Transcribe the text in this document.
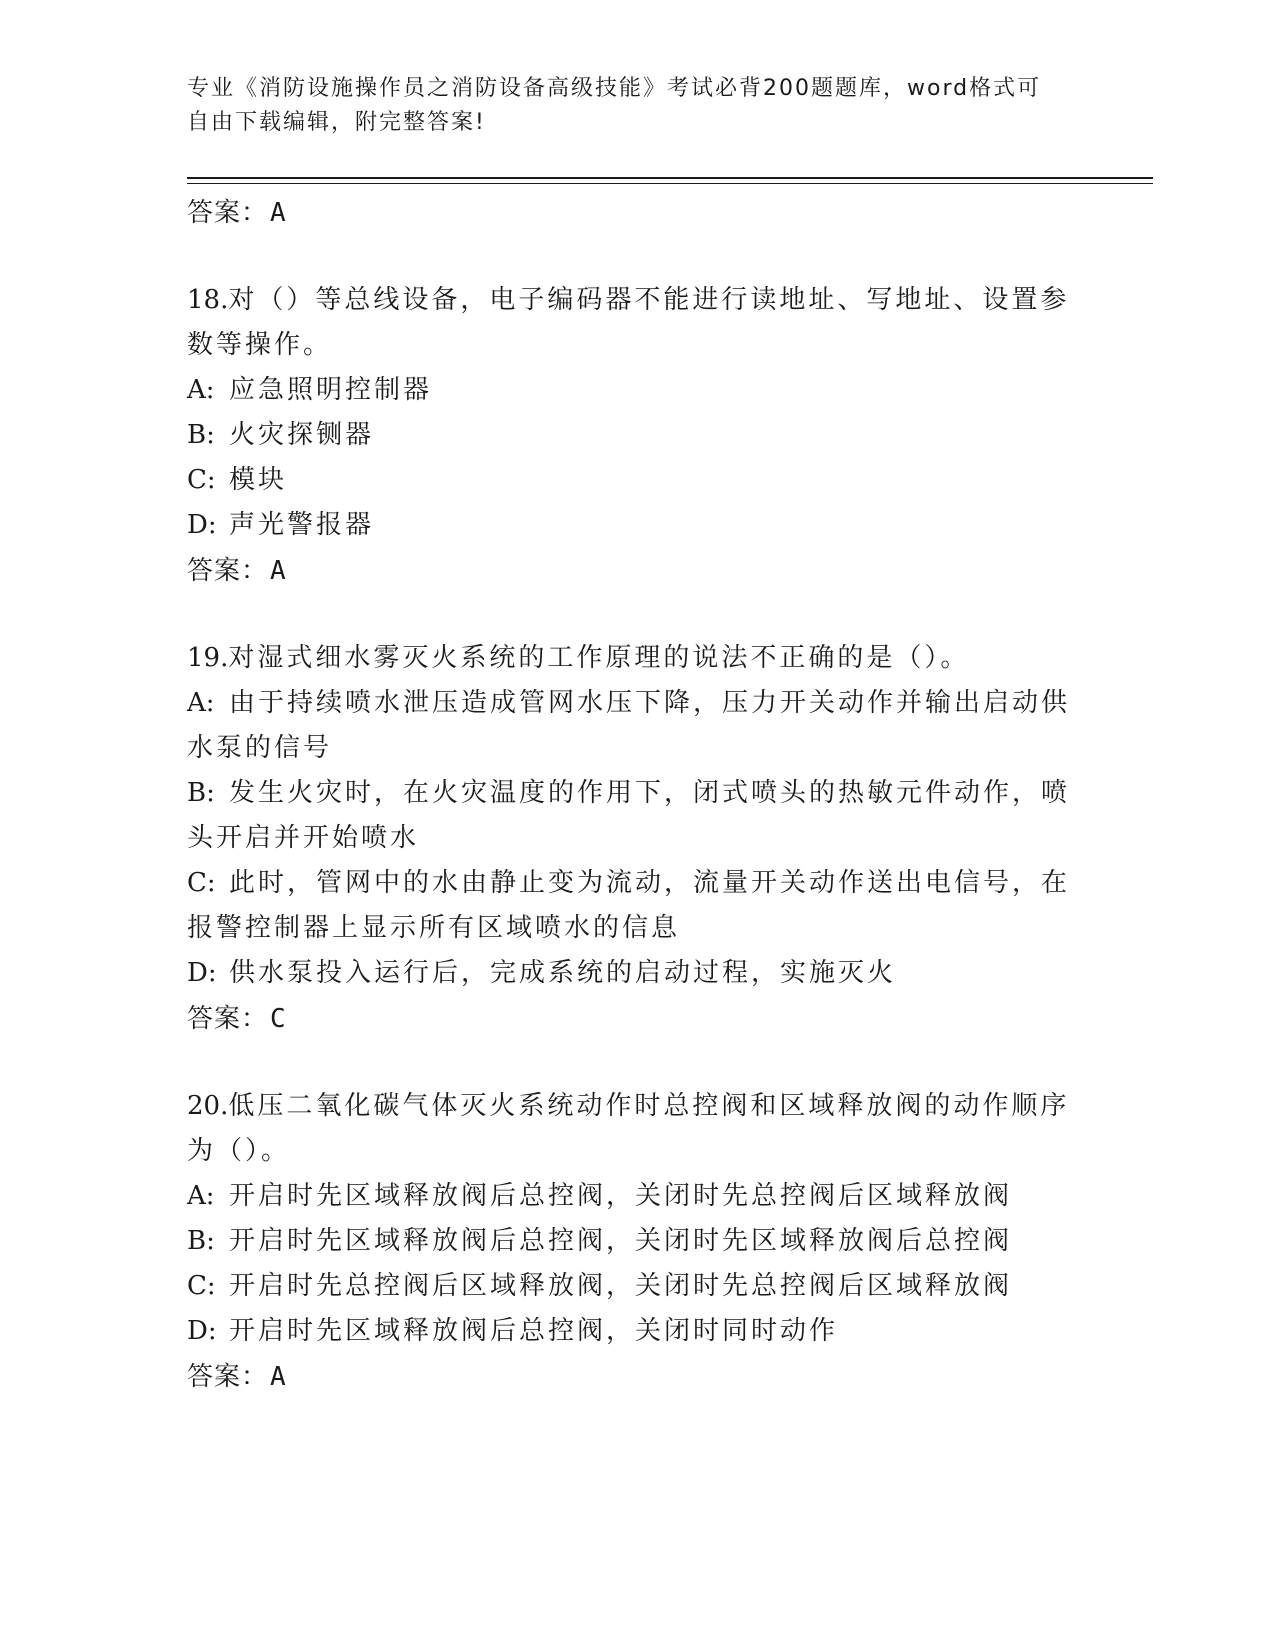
专业《消防设施操作员之消防设备高级技能》考试必背200题题库，word格式可
自由下载编辑，附完整答案!
答案：A
18.对（）等总线设备，电子编码器不能进行读地址、写地址、设置参
数等操作。
A: 应急照明控制器
B: 火灾探铡器
C: 模块
D: 声光警报器
答案：A
19.对湿式细水雾灭火系统的工作原理的说法不正确的是（）。
A: 由于持续喷水泄压造成管网水压下降，压力开关动作并输出启动供
水泵的信号
B: 发生火灾时，在火灾温度的作用下，闭式喷头的热敏元件动作，喷
头开启并开始喷水
C: 此时，管网中的水由静止变为流动，流量开关动作送出电信号，在
报警控制器上显示所有区域喷水的信息
D: 供水泵投入运行后，完成系统的启动过程，实施灭火
答案：C
20.低压二氧化碳气体灭火系统动作时总控阀和区域释放阀的动作顺序
为（）。
A: 开启时先区域释放阀后总控阀，关闭时先总控阀后区域释放阀
B: 开启时先区域释放阀后总控阀，关闭时先区域释放阀后总控阀
C: 开启时先总控阀后区域释放阀，关闭时先总控阀后区域释放阀
D: 开启时先区域释放阀后总控阀，关闭时同时动作
答案：A
